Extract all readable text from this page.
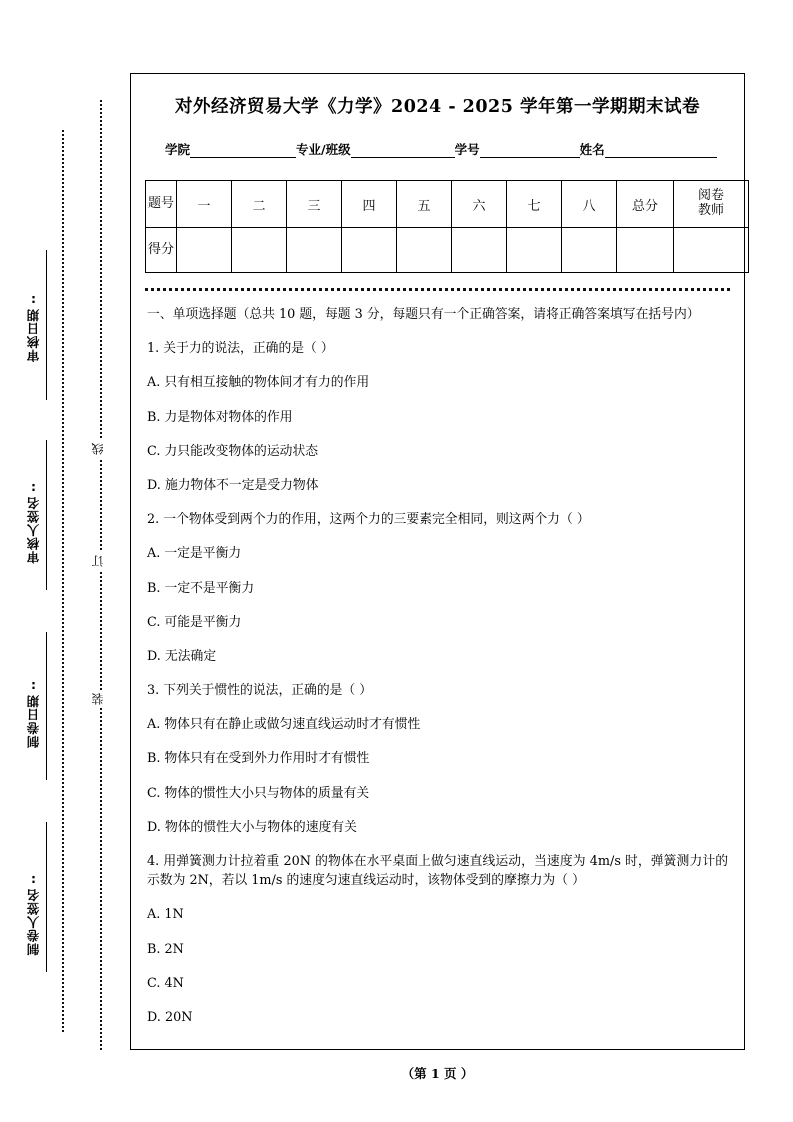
审核日期:
审核人签名:
制卷日期:
制卷人签名:
线
订
装
对外经济贸易大学《力学》2024 - 2025 学年第一学期期末试卷
学院	专业/班级	学号	姓名
题号	一	二	三	四	五	六	七	八	总分	阅卷
教师
得分										

一、单项选择题（总共 10 题，每题 3 分，每题只有一个正确答案，请将正确答案填写在括号内）

1. 关于力的说法，正确的是（ ）

A. 只有相互接触的物体间才有力的作用

B. 力是物体对物体的作用

C. 力只能改变物体的运动状态

D. 施力物体不一定是受力物体

2. 一个物体受到两个力的作用，这两个力的三要素完全相同，则这两个力（ ）

A. 一定是平衡力

B. 一定不是平衡力

C. 可能是平衡力

D. 无法确定

3. 下列关于惯性的说法，正确的是（ ）

A. 物体只有在静止或做匀速直线运动时才有惯性

B. 物体只有在受到外力作用时才有惯性

C. 物体的惯性大小只与物体的质量有关

D. 物体的惯性大小与物体的速度有关

4. 用弹簧测力计拉着重 20N 的物体在水平桌面上做匀速直线运动，当速度为 4m/s 时，弹簧测力计的示数为 2N，若以 1m/s 的速度匀速直线运动时，该物体受到的摩擦力为（ ）

A. 1N

B. 2N

C. 4N

D. 20N

（第 1 页 ）
